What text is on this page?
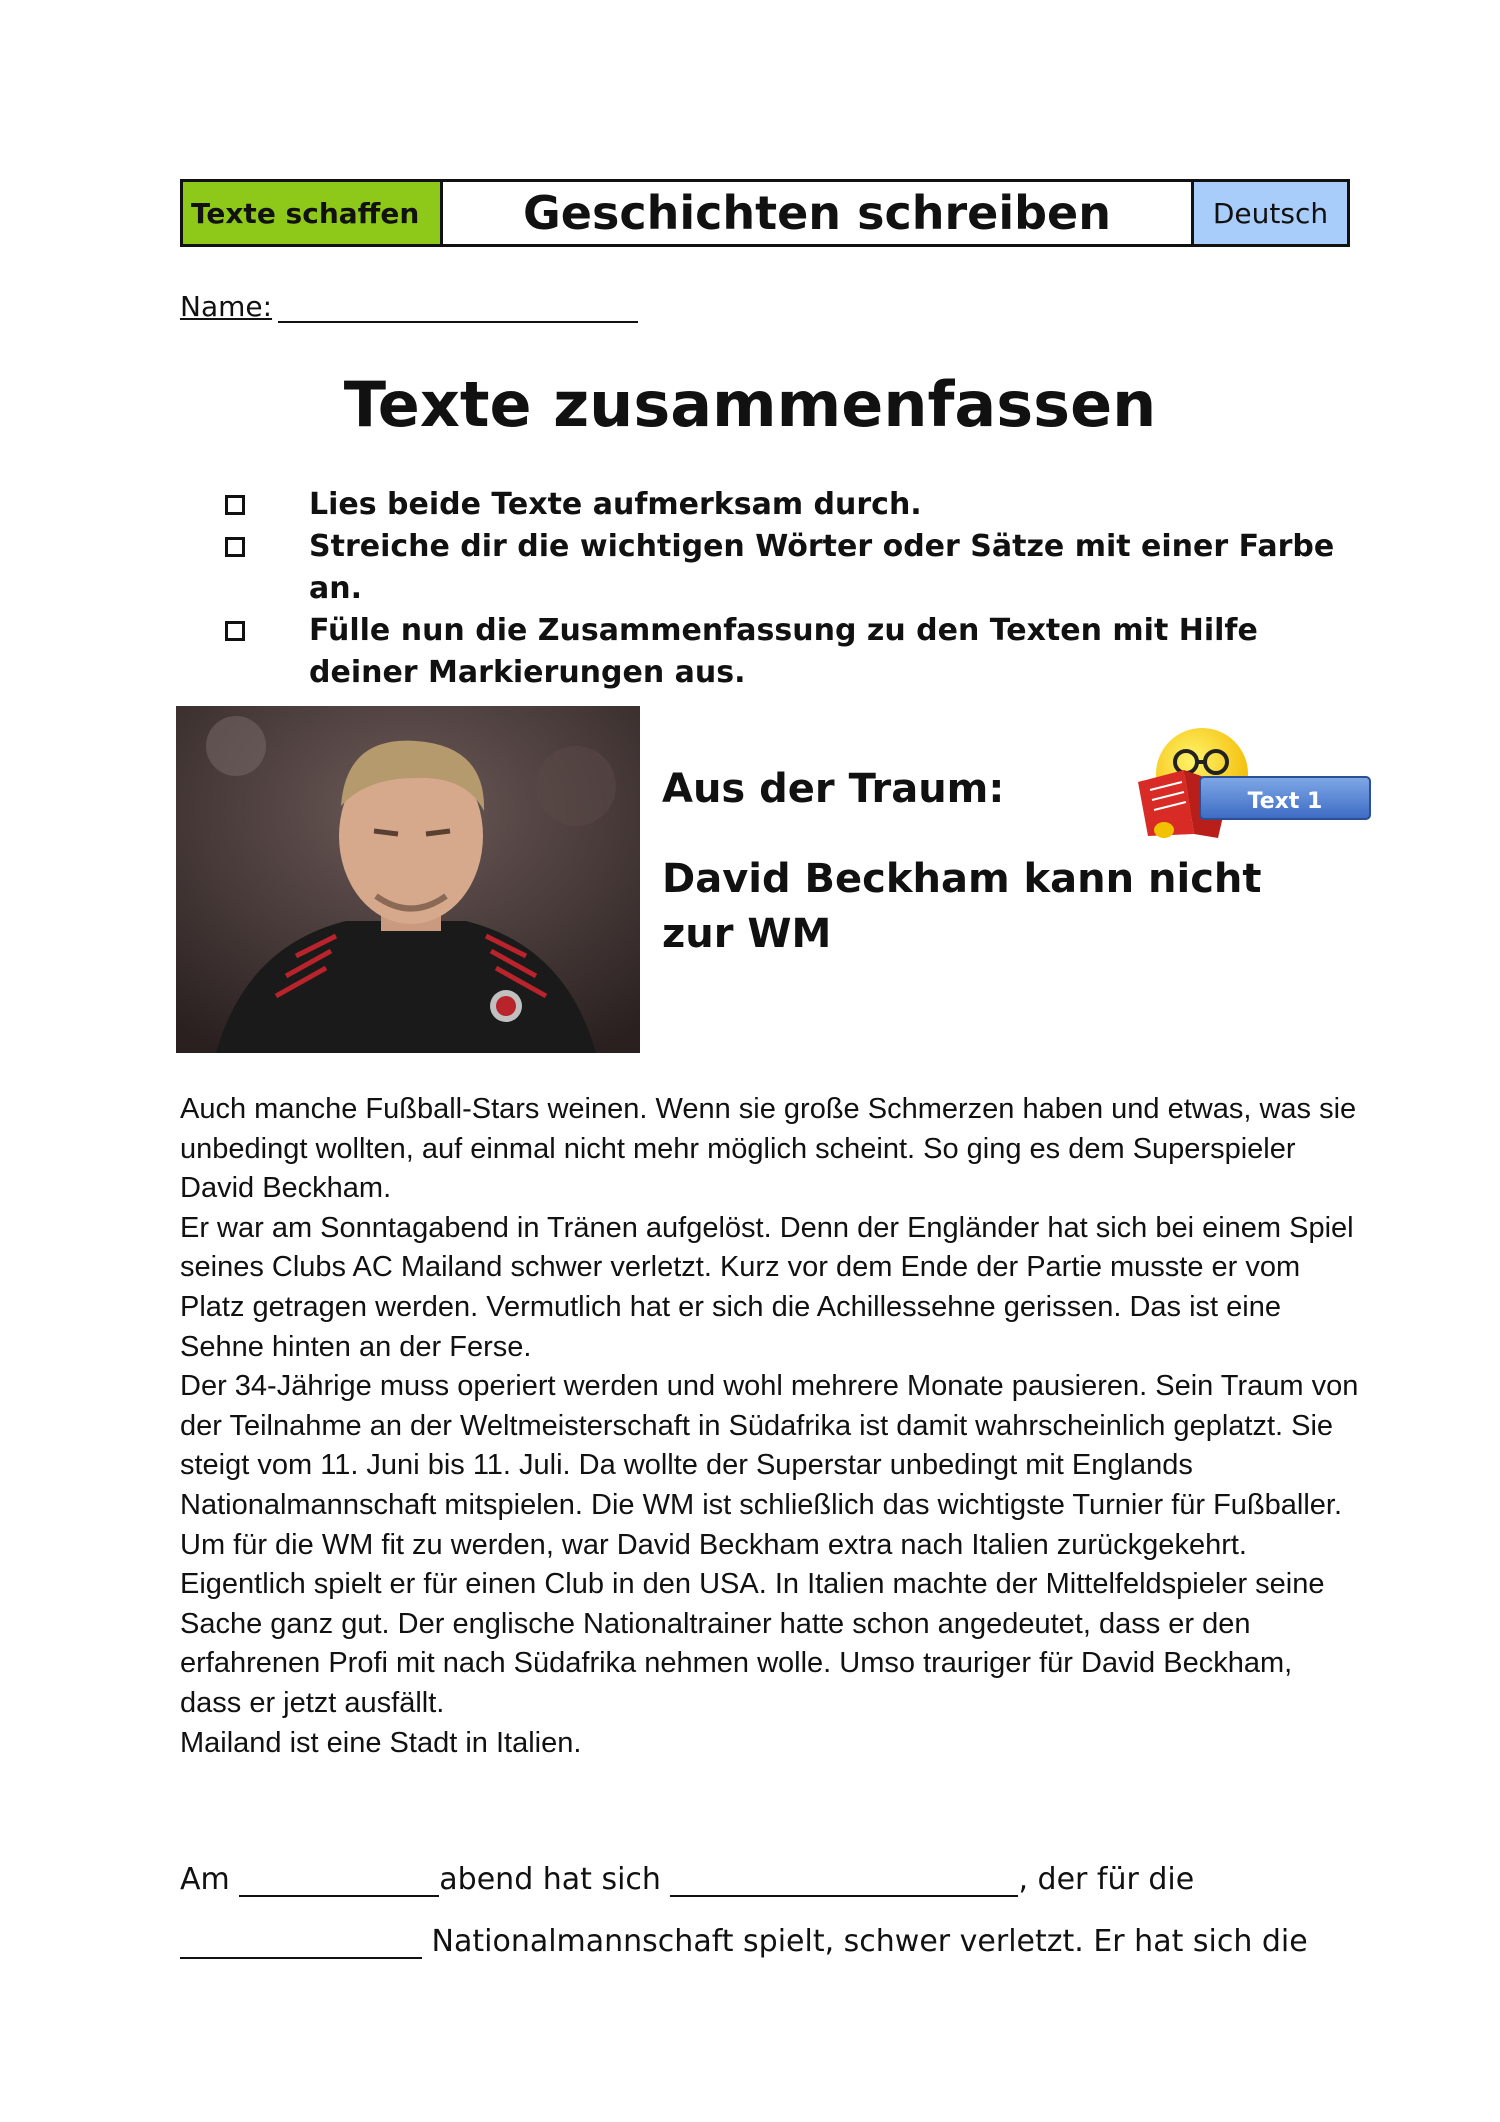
Texte schaffen	Geschichten schreiben	Deutsch
Name:
Texte zusammenfassen
Lies beide Texte aufmerksam durch.
Streiche dir die wichtigen Wörter oder Sätze mit einer Farbe an.
Fülle nun die Zusammenfassung zu den Texten mit Hilfe deiner Markierungen aus.
Aus der Traum:
David Beckham kann nicht zur WM
Text 1

Auch manche Fußball-Stars weinen. Wenn sie große Schmerzen haben und etwas, was sie unbedingt wollten, auf einmal nicht mehr möglich scheint. So ging es dem Superspieler David Beckham.

Er war am Sonntagabend in Tränen aufgelöst. Denn der Engländer hat sich bei einem Spiel seines Clubs AC Mailand schwer verletzt. Kurz vor dem Ende der Partie musste er vom Platz getragen werden. Vermutlich hat er sich die Achillessehne gerissen. Das ist eine Sehne hinten an der Ferse.

Der 34-Jährige muss operiert werden und wohl mehrere Monate pausieren. Sein Traum von der Teilnahme an der Weltmeisterschaft in Südafrika ist damit wahrscheinlich geplatzt. Sie steigt vom 11. Juni bis 11. Juli. Da wollte der Superstar unbedingt mit Englands Nationalmannschaft mitspielen. Die WM ist schließlich das wichtigste Turnier für Fußballer.

Um für die WM fit zu werden, war David Beckham extra nach Italien zurückgekehrt. Eigentlich spielt er für einen Club in den USA. In Italien machte der Mittelfeldspieler seine Sache ganz gut. Der englische Nationaltrainer hatte schon angedeutet, dass er den erfahrenen Profi mit nach Südafrika nehmen wolle. Umso trauriger für David Beckham, dass er jetzt ausfällt.

Mailand ist eine Stadt in Italien.

Am	abend hat sich	, der für die
Nationalmannschaft spielt, schwer verletzt. Er hat sich die
